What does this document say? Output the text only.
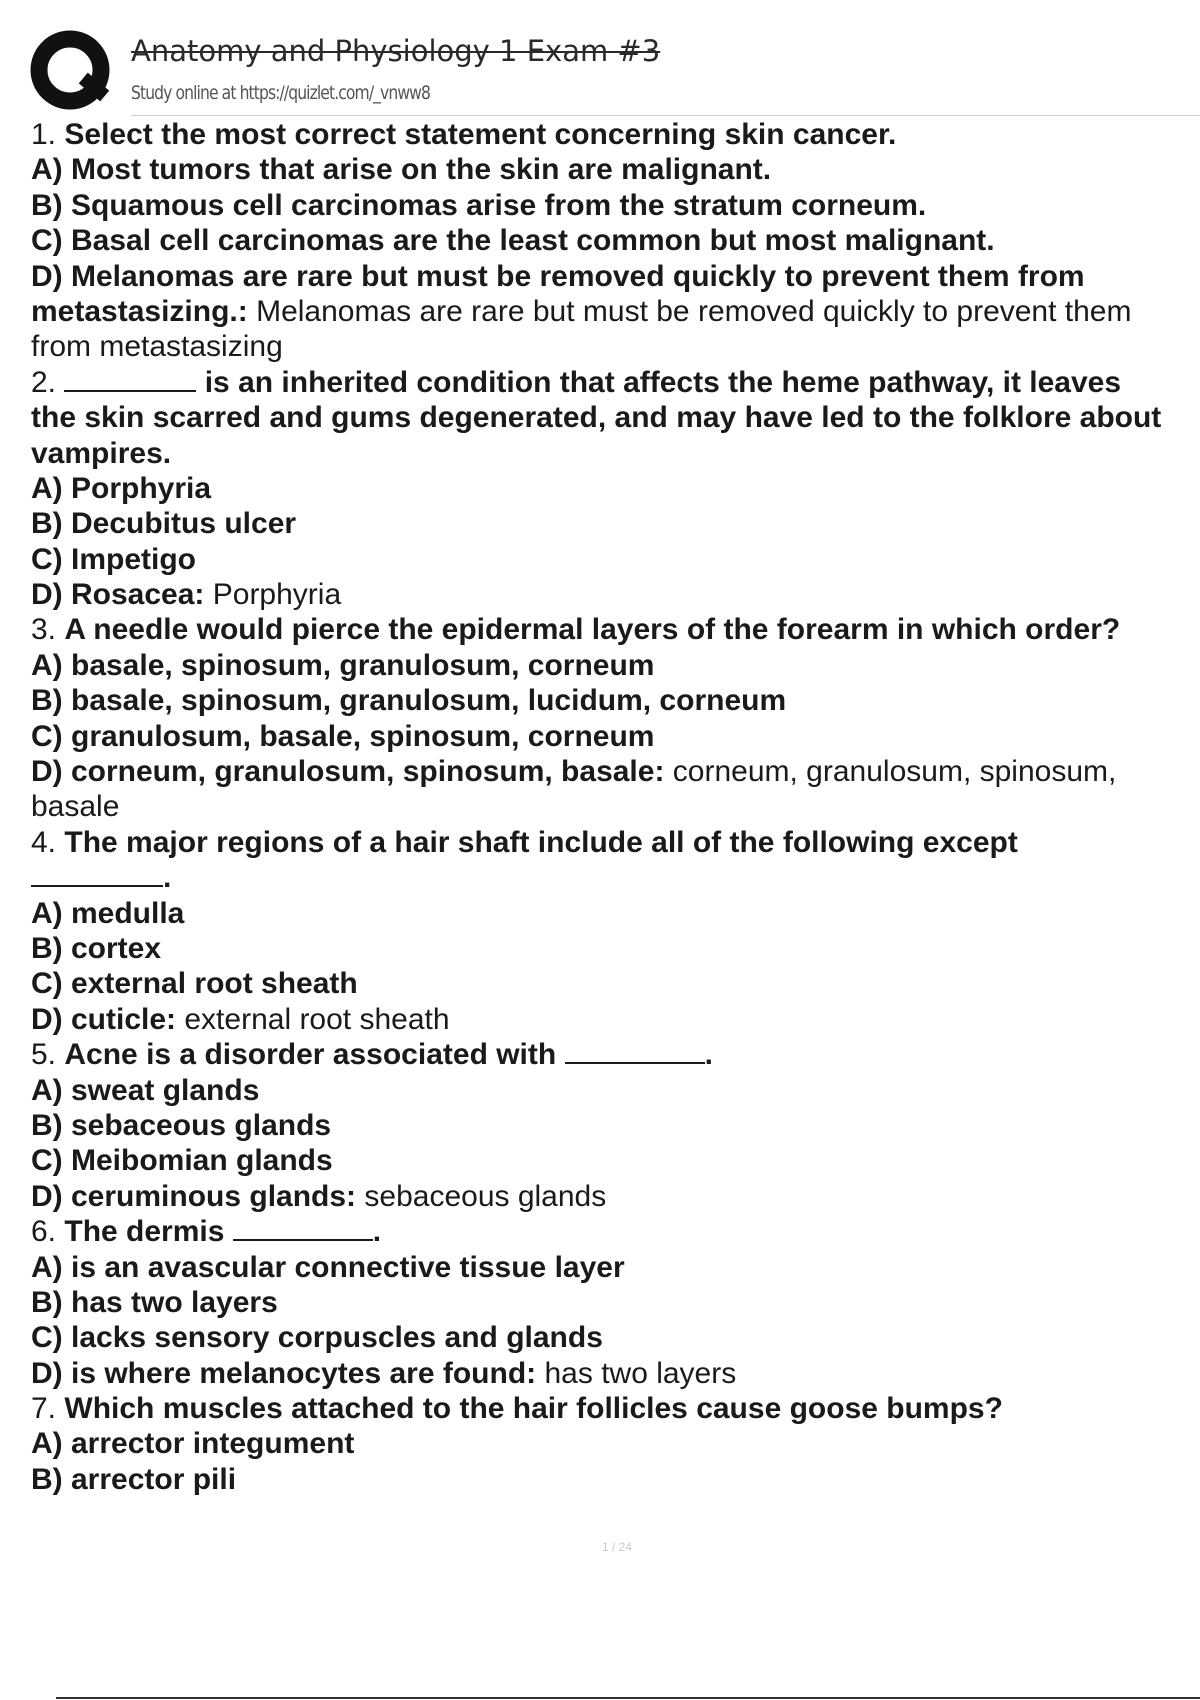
Anatomy and Physiology 1 Exam #3
Study online at https://quizlet.com/_vnww8
1. Select the most correct statement concerning skin cancer.
A) Most tumors that arise on the skin are malignant.
B) Squamous cell carcinomas arise from the stratum corneum.
C) Basal cell carcinomas are the least common but most malignant.
D) Melanomas are rare but must be removed quickly to prevent them from
metastasizing.: Melanomas are rare but must be removed quickly to prevent them
from metastasizing
2.	is an inherited condition that affects the heme pathway, it leaves
the skin scarred and gums degenerated, and may have led to the folklore about
vampires.
A) Porphyria
B) Decubitus ulcer
C) Impetigo
D) Rosacea: Porphyria
3. A needle would pierce the epidermal layers of the forearm in which order?
A) basale, spinosum, granulosum, corneum
B) basale, spinosum, granulosum, lucidum, corneum
C) granulosum, basale, spinosum, corneum
D) corneum, granulosum, spinosum, basale: corneum, granulosum, spinosum,
basale
4. The major regions of a hair shaft include all of the following except
.
A) medulla
B) cortex
C) external root sheath
D) cuticle: external root sheath
5. Acne is a disorder associated with	.
A) sweat glands
B) sebaceous glands
C) Meibomian glands
D) ceruminous glands: sebaceous glands
6. The dermis	.
A) is an avascular connective tissue layer
B) has two layers
C) lacks sensory corpuscles and glands
D) is where melanocytes are found: has two layers
7. Which muscles attached to the hair follicles cause goose bumps?
A) arrector integument
B) arrector pili
1 / 24
